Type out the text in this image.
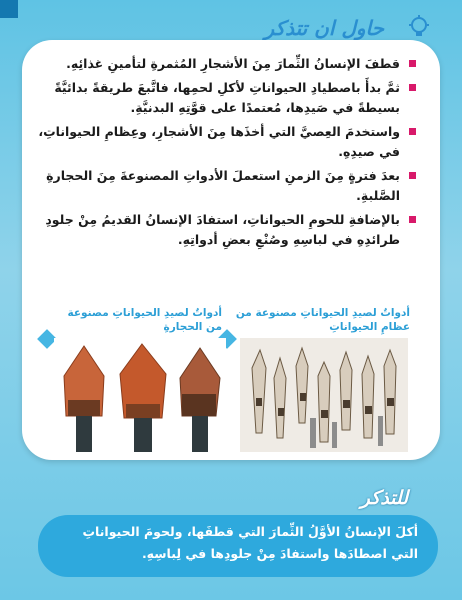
حاول ان تتذكر
قطفَ الإنسانُ الثِّمارَ مِنَ الأشجارِ المُثمرةِ لتأمينِ غذائِهِ.
ثمَّ بدأَ باصطيادِ الحيواناتِ لأكلِ لحمِها، فاتَّبعَ طريقةً بدائيَّةً بسيطةً في صَيدِها، مُعتمدًا على قوَّتِهِ البدنيَّةِ.
واستخدمَ العِصيَّ التي أخذَها مِنَ الأشجارِ، وعِظامِ الحيواناتِ، في صيدِهِ.
بعدَ فترةٍ مِنَ الزمنِ استعملَ الأدواتِ المصنوعةَ مِنَ الحجارةِ الصَّلبةِ.
بالإضافةِ للحومِ الحيواناتِ، استفادَ الإنسانُ القديمُ مِنْ جلودِ طرائدِهِ في لباسِهِ وصُنْعِ بعضِ أدواتِهِ.
أدواتٌ لصيدِ الحيواناتِ مصنوعة من عظامِ الحيواناتِ
أدواتٌ لصيدِ الحيواناتِ مصنوعة من الحجارةِ
للتذكر
أكلَ الإنسانُ الأوَّلُ الثِّمارَ التي قطفَها، ولحومَ الحيواناتِ التي اصطادَها واستفادَ مِنْ جلودِها في لِباسِهِ.
